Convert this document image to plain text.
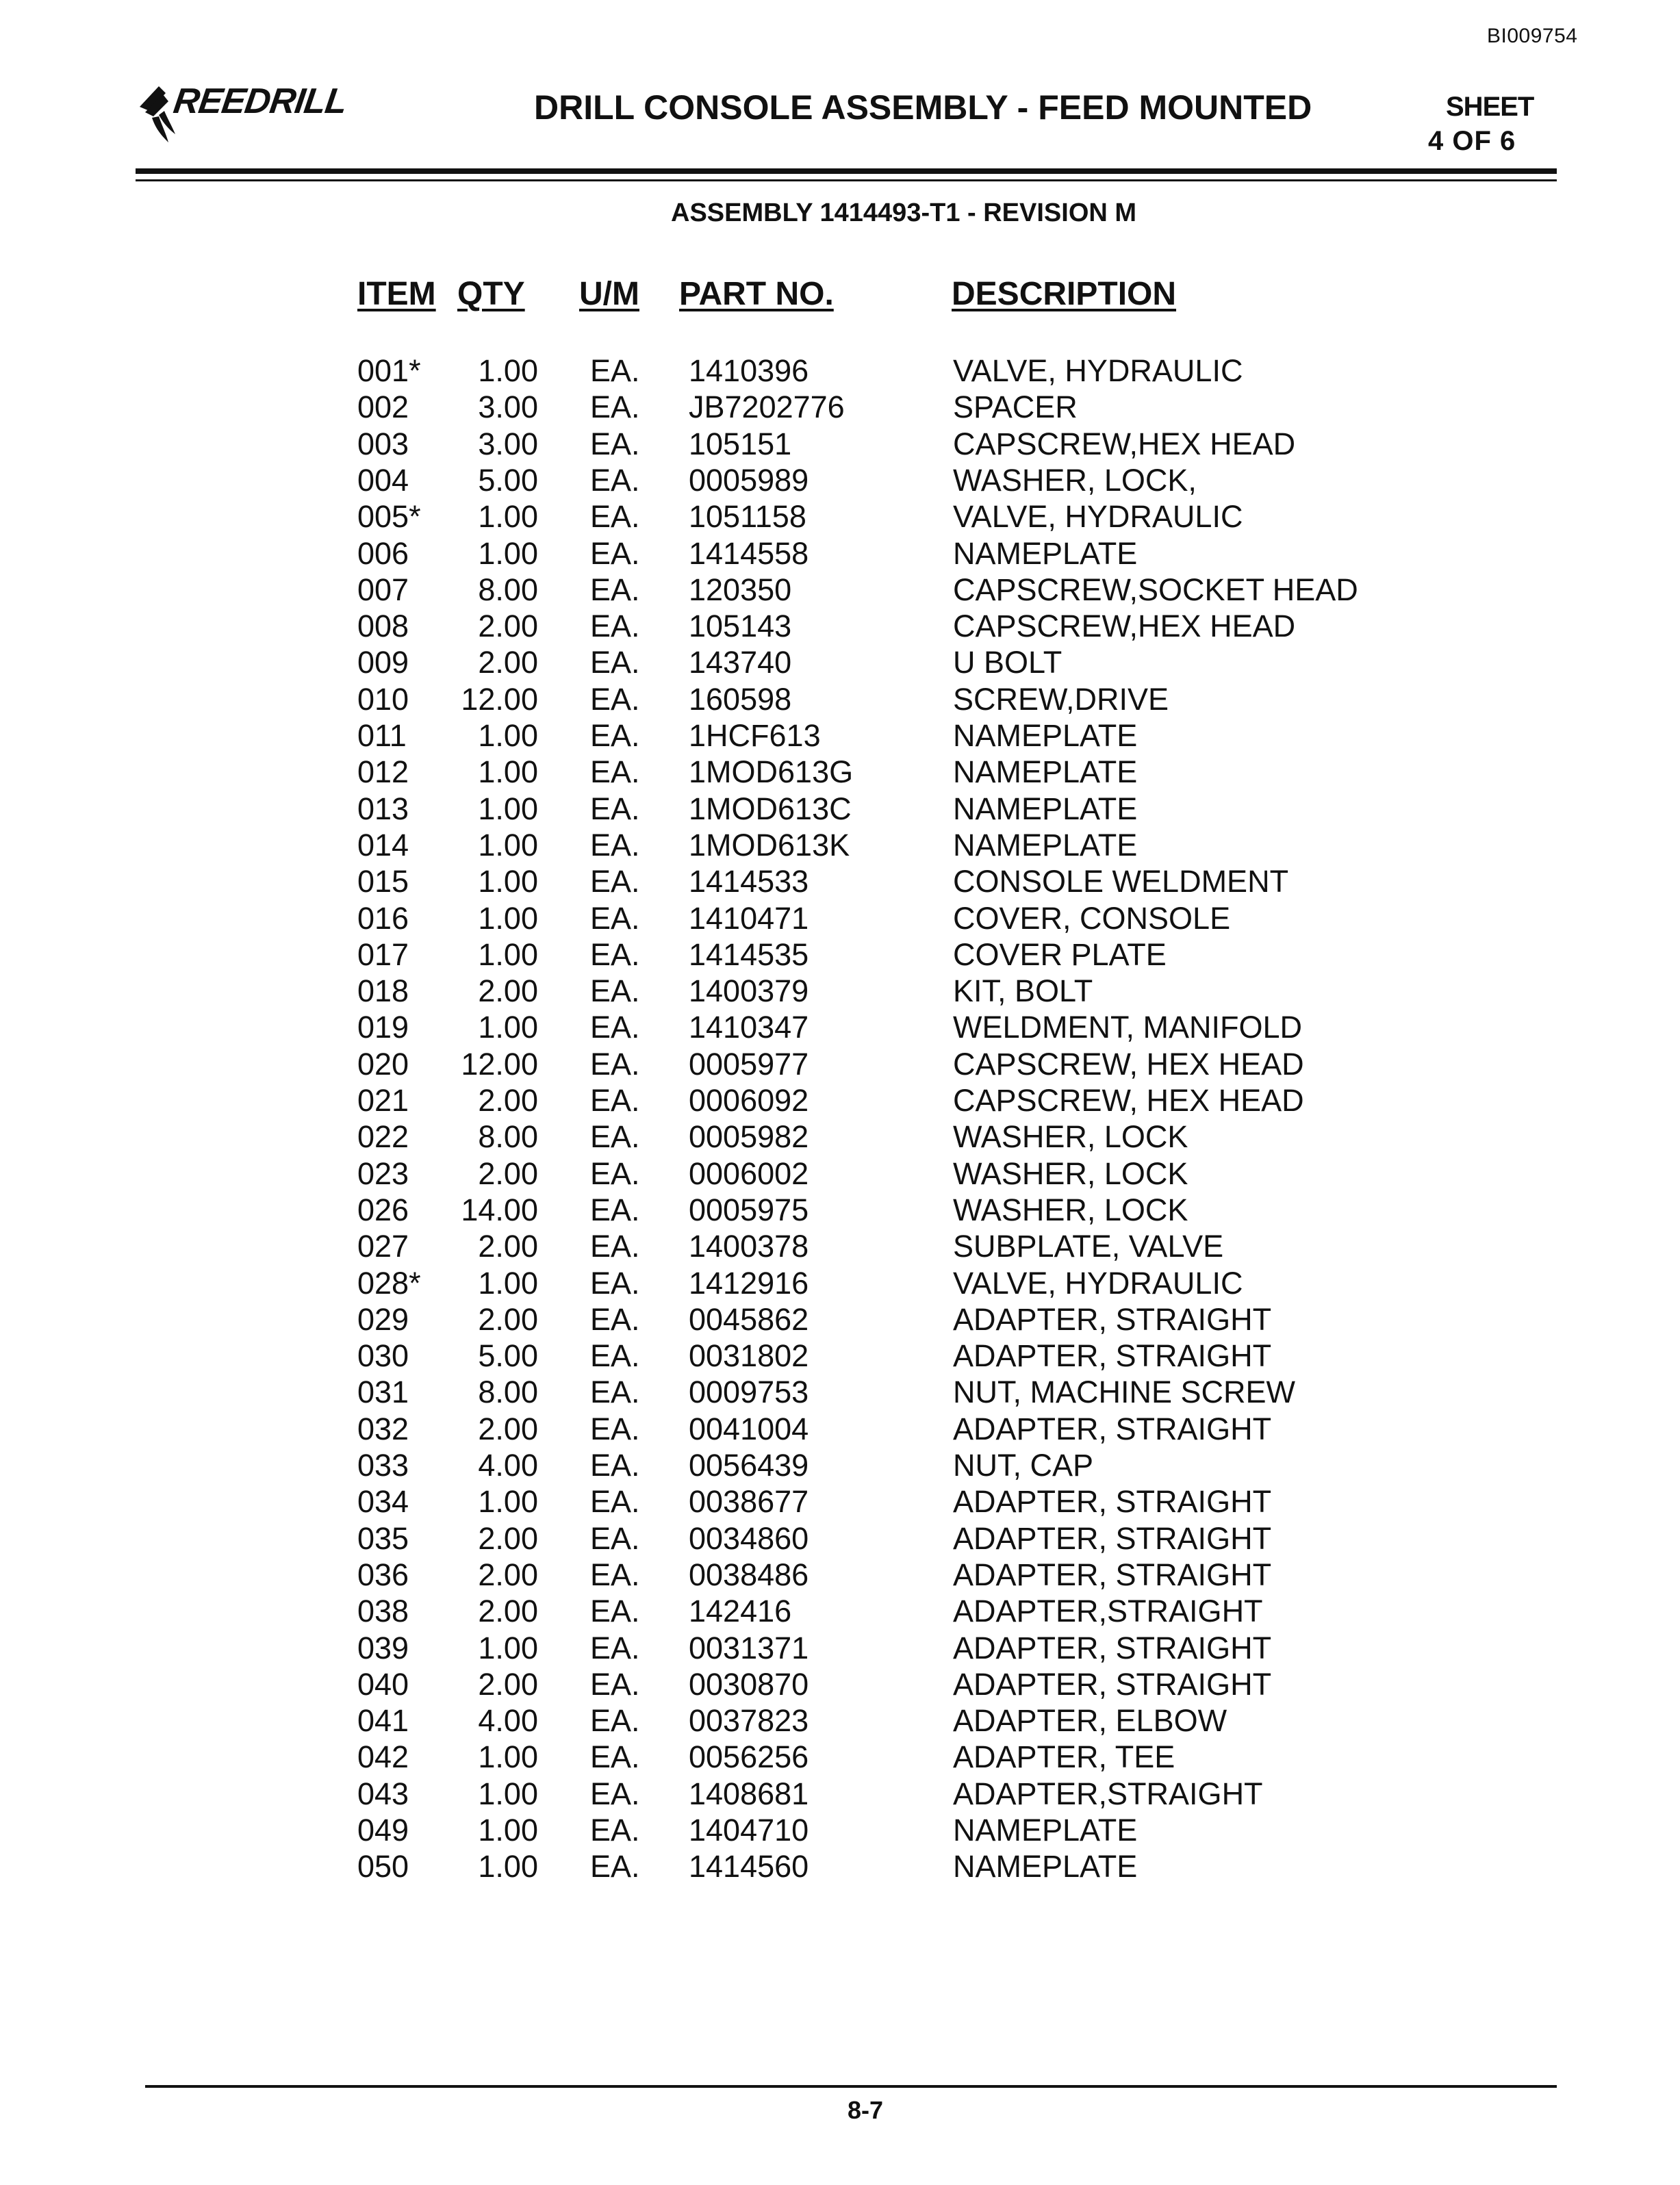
BI009754
REEDRILL	DRILL CONSOLE ASSEMBLY - FEED MOUNTED	SHEET
4 OF 6
ASSEMBLY 1414493-T1 - REVISION M
ITEM QTY U/M PART NO.	DESCRIPTION
001*	1.00 EA. 1410396	VALVE, HYDRAULIC
002	3.00 EA. JB7202776	SPACER
003	3.00 EA. 105151	CAPSCREW,HEX HEAD
004	5.00 EA. 0005989	WASHER, LOCK,
005*	1.00 EA. 1051158	VALVE, HYDRAULIC
006	1.00 EA. 1414558	NAMEPLATE
007	8.00 EA. 120350	CAPSCREW,SOCKET HEAD
008	2.00 EA. 105143	CAPSCREW,HEX HEAD
009	2.00 EA. 143740	U BOLT
010	12.00 EA. 160598	SCREW,DRIVE
011	1.00 EA. 1HCF613	NAMEPLATE
012	1.00 EA. 1MOD613G	NAMEPLATE
013	1.00 EA. 1MOD613C	NAMEPLATE
014	1.00 EA. 1MOD613K	NAMEPLATE
015	1.00 EA. 1414533	CONSOLE WELDMENT
016	1.00 EA. 1410471	COVER, CONSOLE
017	1.00 EA. 1414535	COVER PLATE
018	2.00 EA. 1400379	KIT, BOLT
019	1.00 EA. 1410347	WELDMENT, MANIFOLD
020	12.00 EA. 0005977	CAPSCREW, HEX HEAD
021	2.00 EA. 0006092	CAPSCREW, HEX HEAD
022	8.00 EA. 0005982	WASHER, LOCK
023	2.00 EA. 0006002	WASHER, LOCK
026	14.00 EA. 0005975	WASHER, LOCK
027	2.00 EA. 1400378	SUBPLATE, VALVE
028*	1.00 EA. 1412916	VALVE, HYDRAULIC
029	2.00 EA. 0045862	ADAPTER, STRAIGHT
030	5.00 EA. 0031802	ADAPTER, STRAIGHT
031	8.00 EA. 0009753	NUT, MACHINE SCREW
032	2.00 EA. 0041004	ADAPTER, STRAIGHT
033	4.00 EA. 0056439	NUT, CAP
034	1.00 EA. 0038677	ADAPTER, STRAIGHT
035	2.00 EA. 0034860	ADAPTER, STRAIGHT
036	2.00 EA. 0038486	ADAPTER, STRAIGHT
038	2.00 EA. 142416	ADAPTER,STRAIGHT
039	1.00 EA. 0031371	ADAPTER, STRAIGHT
040	2.00 EA. 0030870	ADAPTER, STRAIGHT
041	4.00 EA. 0037823	ADAPTER, ELBOW
042	1.00 EA. 0056256	ADAPTER, TEE
043	1.00 EA. 1408681	ADAPTER,STRAIGHT
049	1.00 EA. 1404710	NAMEPLATE
050	1.00 EA. 1414560	NAMEPLATE
8-7
